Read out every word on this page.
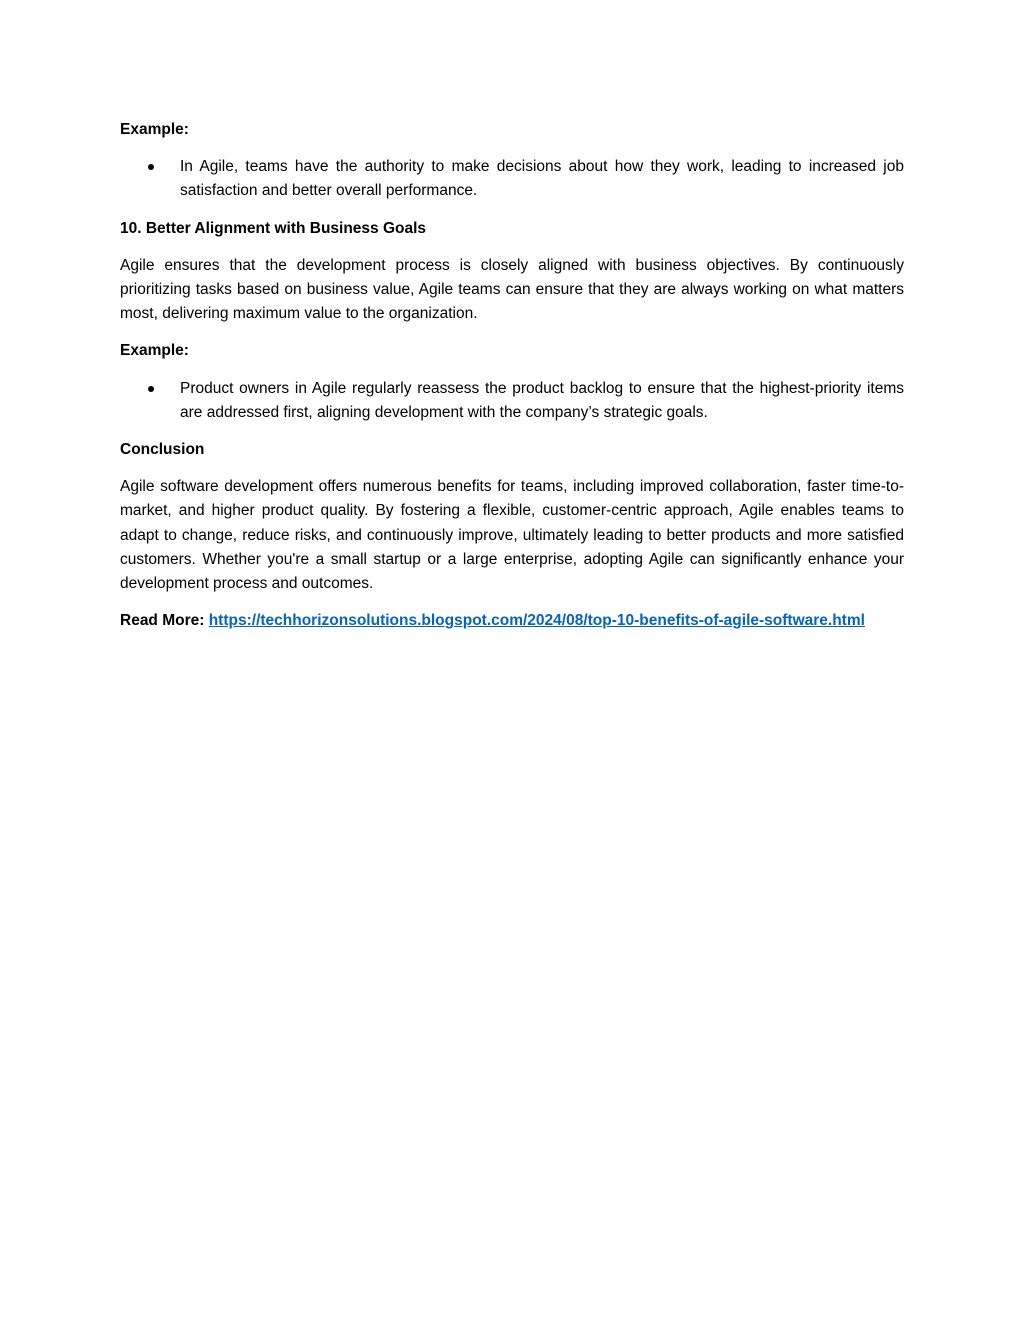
Example:

In Agile, teams have the authority to make decisions about how they work, leading to increased job satisfaction and better overall performance.

10. Better Alignment with Business Goals

Agile ensures that the development process is closely aligned with business objectives. By continuously prioritizing tasks based on business value, Agile teams can ensure that they are always working on what matters most, delivering maximum value to the organization.

Example:

Product owners in Agile regularly reassess the product backlog to ensure that the highest-priority items are addressed first, aligning development with the company’s strategic goals.

Conclusion

Agile software development offers numerous benefits for teams, including improved collaboration, faster time-to-market, and higher product quality. By fostering a flexible, customer-centric approach, Agile enables teams to adapt to change, reduce risks, and continuously improve, ultimately leading to better products and more satisfied customers. Whether you're a small startup or a large enterprise, adopting Agile can significantly enhance your development process and outcomes.

Read More: https://techhorizonsolutions.blogspot.com/2024/08/top-10-benefits-of-agile-software.html
